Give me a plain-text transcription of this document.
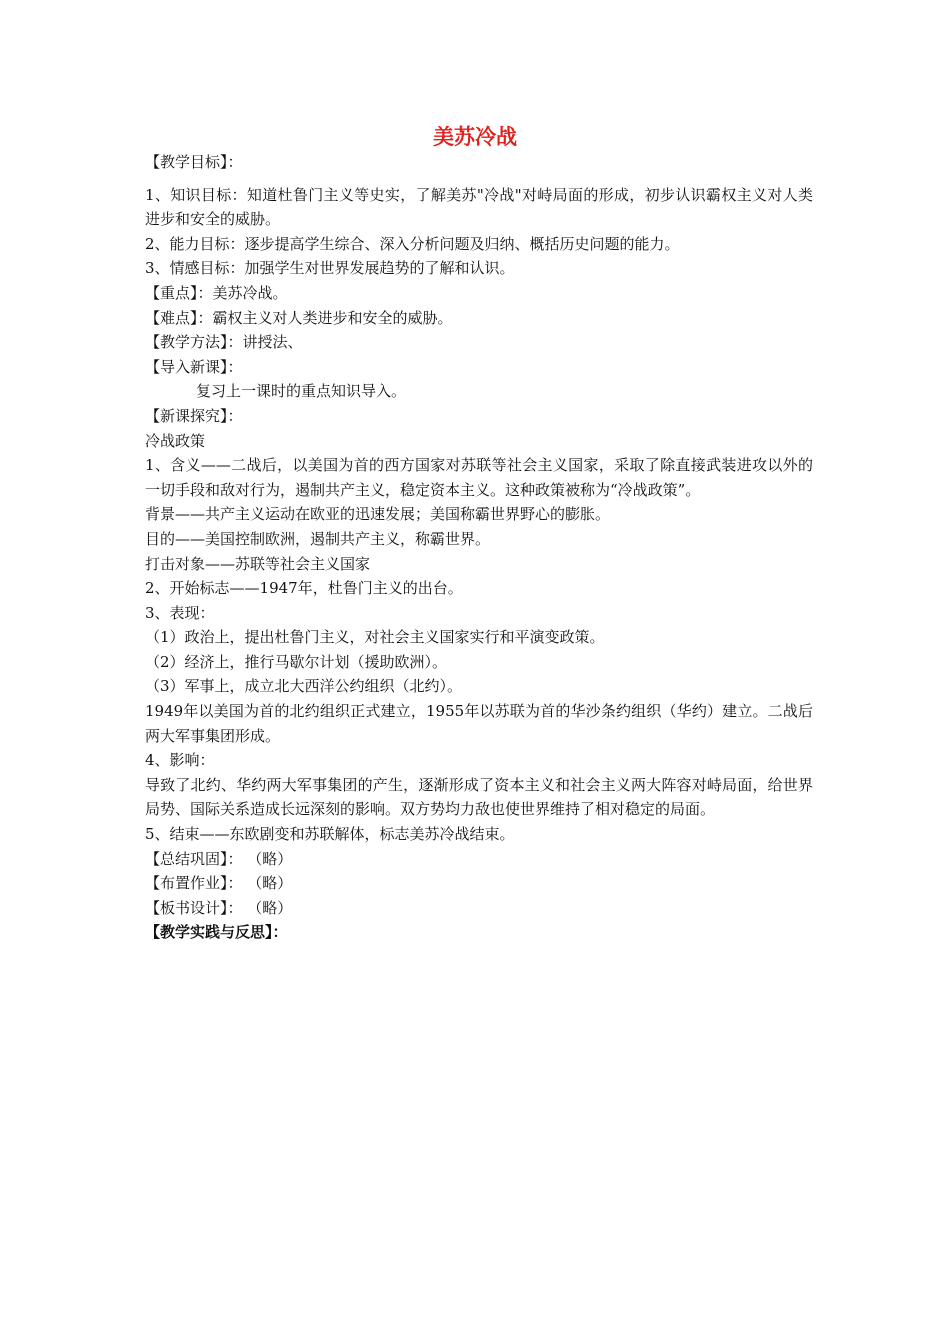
美苏冷战
【教学目标】：
1、知识目标：知道杜鲁门主义等史实，了解美苏"冷战"对峙局面的形成，初步认识霸权主义对人类进步和安全的威胁。
2、能力目标：逐步提高学生综合、深入分析问题及归纳、概括历史问题的能力。
3、情感目标：加强学生对世界发展趋势的了解和认识。
【重点】：美苏冷战。
【难点】：霸权主义对人类进步和安全的威胁。
【教学方法】：讲授法、
【导入新课】：
复习上一课时的重点知识导入。
【新课探究】：
冷战政策
1、含义——二战后，以美国为首的西方国家对苏联等社会主义国家，采取了除直接武装进攻以外的一切手段和敌对行为，遏制共产主义，稳定资本主义。这种政策被称为“冷战政策”。
背景——共产主义运动在欧亚的迅速发展；美国称霸世界野心的膨胀。
目的——美国控制欧洲，遏制共产主义，称霸世界。
打击对象——苏联等社会主义国家
2、开始标志——1947年，杜鲁门主义的出台。
3、表现：
（1）政治上，提出杜鲁门主义，对社会主义国家实行和平演变政策。
（2）经济上，推行马歇尔计划（援助欧洲）。
（3）军事上，成立北大西洋公约组织（北约）。
1949年以美国为首的北约组织正式建立，1955年以苏联为首的华沙条约组织（华约）建立。二战后两大军事集团形成。
4、影响：
导致了北约、华约两大军事集团的产生，逐渐形成了资本主义和社会主义两大阵容对峙局面，给世界局势、国际关系造成长远深刻的影响。双方势均力敌也使世界维持了相对稳定的局面。
5、结束——东欧剧变和苏联解体，标志美苏冷战结束。
【总结巩固】： （略）
【布置作业】： （略）
【板书设计】： （略）
【教学实践与反思】：
